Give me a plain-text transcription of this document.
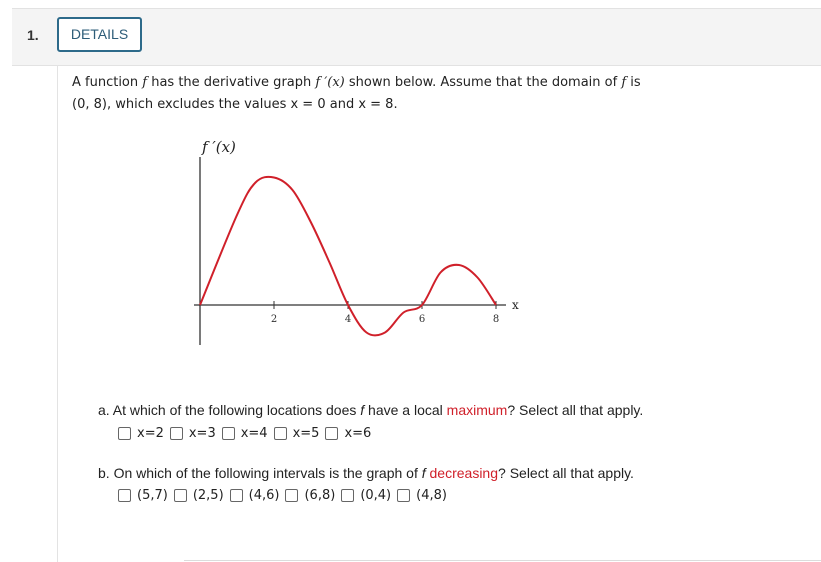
1.	DETAILS
A function f has the derivative graph f ′(x) shown below. Assume that the domain of f is
(0, 8), which excludes the values x = 0 and x = 8.
f ′(x)
x
2	4	6	8
a. At which of the following locations does f have a local maximum? Select all that apply.
x=2 x=3 x=4 x=5 x=6
b. On which of the following intervals is the graph of f decreasing? Select all that apply.
(5,7) (2,5) (4,6) (6,8) (0,4) (4,8)
